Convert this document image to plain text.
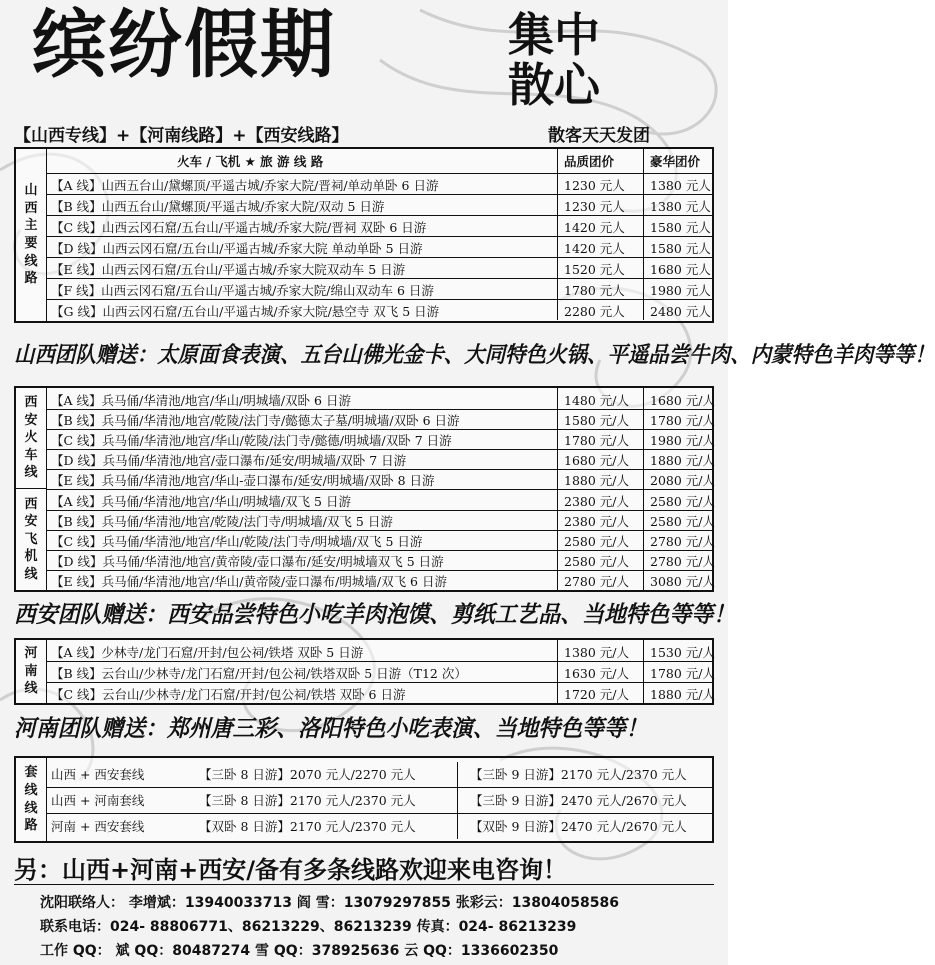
缤纷假期	集中
散心
【山西专线】+【河南线路】+【西安线路】	散客天天发团
山
西
主
要
线
路
火车 / 飞机 ★ 旅 游 线 路	品质团价	豪华团价
【A 线】山西五台山/黛螺顶/平遥古城/乔家大院/晋祠/单动单卧 6 日游	1230 元人	1380 元人
【B 线】山西五台山/黛螺顶/平遥古城/乔家大院/双动 5 日游	1230 元人	1380 元人
【C 线】山西云冈石窟/五台山/平遥古城/乔家大院/晋祠 双卧 6 日游	1420 元人	1580 元人
【D 线】山西云冈石窟/五台山/平遥古城/乔家大院 单动单卧 5 日游	1420 元人	1580 元人
【E 线】山西云冈石窟/五台山/平遥古城/乔家大院双动车 5 日游	1520 元人	1680 元人
【F 线】山西云冈石窟/五台山/平遥古城/乔家大院/绵山双动车 6 日游	1780 元人	1980 元人
【G 线】山西云冈石窟/五台山/平遥古城/乔家大院/悬空寺 双飞 5 日游	2280 元人	2480 元人
山西团队赠送：太原面食表演、五台山佛光金卡、大同特色火锅、平遥品尝牛肉、内蒙特色羊肉等等！
西
安
火
车
线
西
安
飞
机
线
【A 线】兵马俑/华清池/地宫/华山/明城墙/双卧 6 日游	1480 元/人	1680 元/人
【B 线】兵马俑/华清池/地宫/乾陵/法门寺/懿德太子墓/明城墙/双卧 6 日游	1580 元/人	1780 元/人
【C 线】兵马俑/华清池/地宫/华山/乾陵/法门寺/懿德/明城墙/双卧 7 日游	1780 元/人	1980 元/人
【D 线】兵马俑/华清池/地宫/壶口瀑布/延安/明城墙/双卧 7 日游	1680 元/人	1880 元/人
【E 线】兵马俑/华清池/地宫/华山-壶口瀑布/延安/明城墙/双卧 8 日游	1880 元/人	2080 元/人
【A 线】兵马俑/华清池/地宫/华山/明城墙/双飞 5 日游	2380 元/人	2580 元/人
【B 线】兵马俑/华清池/地宫/乾陵/法门寺/明城墙/双飞 5 日游	2380 元/人	2580 元/人
【C 线】兵马俑/华清池/地宫/华山/乾陵/法门寺/明城墙/双飞 5 日游	2580 元/人	2780 元/人
【D 线】兵马俑/华清池/地宫/黄帝陵/壶口瀑布/延安/明城墙双飞 5 日游	2580 元/人	2780 元/人
【E 线】兵马俑/华清池/地宫/华山/黄帝陵/壶口瀑布/明城墙/双飞 6 日游	2780 元/人	3080 元/人
西安团队赠送：西安品尝特色小吃羊肉泡馍、剪纸工艺品、当地特色等等！
河
南
线
【A 线】少林寺/龙门石窟/开封/包公祠/铁塔 双卧 5 日游	1380 元/人	1530 元/人
【B 线】云台山/少林寺/龙门石窟/开封/包公祠/铁塔双卧 5 日游（T12 次）	1630 元/人	1780 元/人
【C 线】云台山/少林寺/龙门石窟/开封/包公祠/铁塔 双卧 6 日游	1720 元/人	1880 元/人
河南团队赠送：郑州唐三彩、洛阳特色小吃表演、当地特色等等！
套
线
线
路
山西 + 西安套线	【三卧 8 日游】2070 元人/2270 元人	【三卧 9 日游】2170 元人/2370 元人
山西 + 河南套线	【三卧 8 日游】2170 元人/2370 元人	【三卧 9 日游】2470 元人/2670 元人
河南 + 西安套线	【双卧 8 日游】2170 元人/2370 元人	【双卧 9 日游】2470 元人/2670 元人
另：山西+河南+西安/备有多条线路欢迎来电咨询！
沈阳联络人： 李增斌：13940033713 阎 雪：13079297855 张彩云：13804058586
联系电话：024- 88806771、86213229、86213239 传真：024- 86213239
工作 QQ： 斌 QQ：80487274 雪 QQ：378925636 云 QQ：1336602350
